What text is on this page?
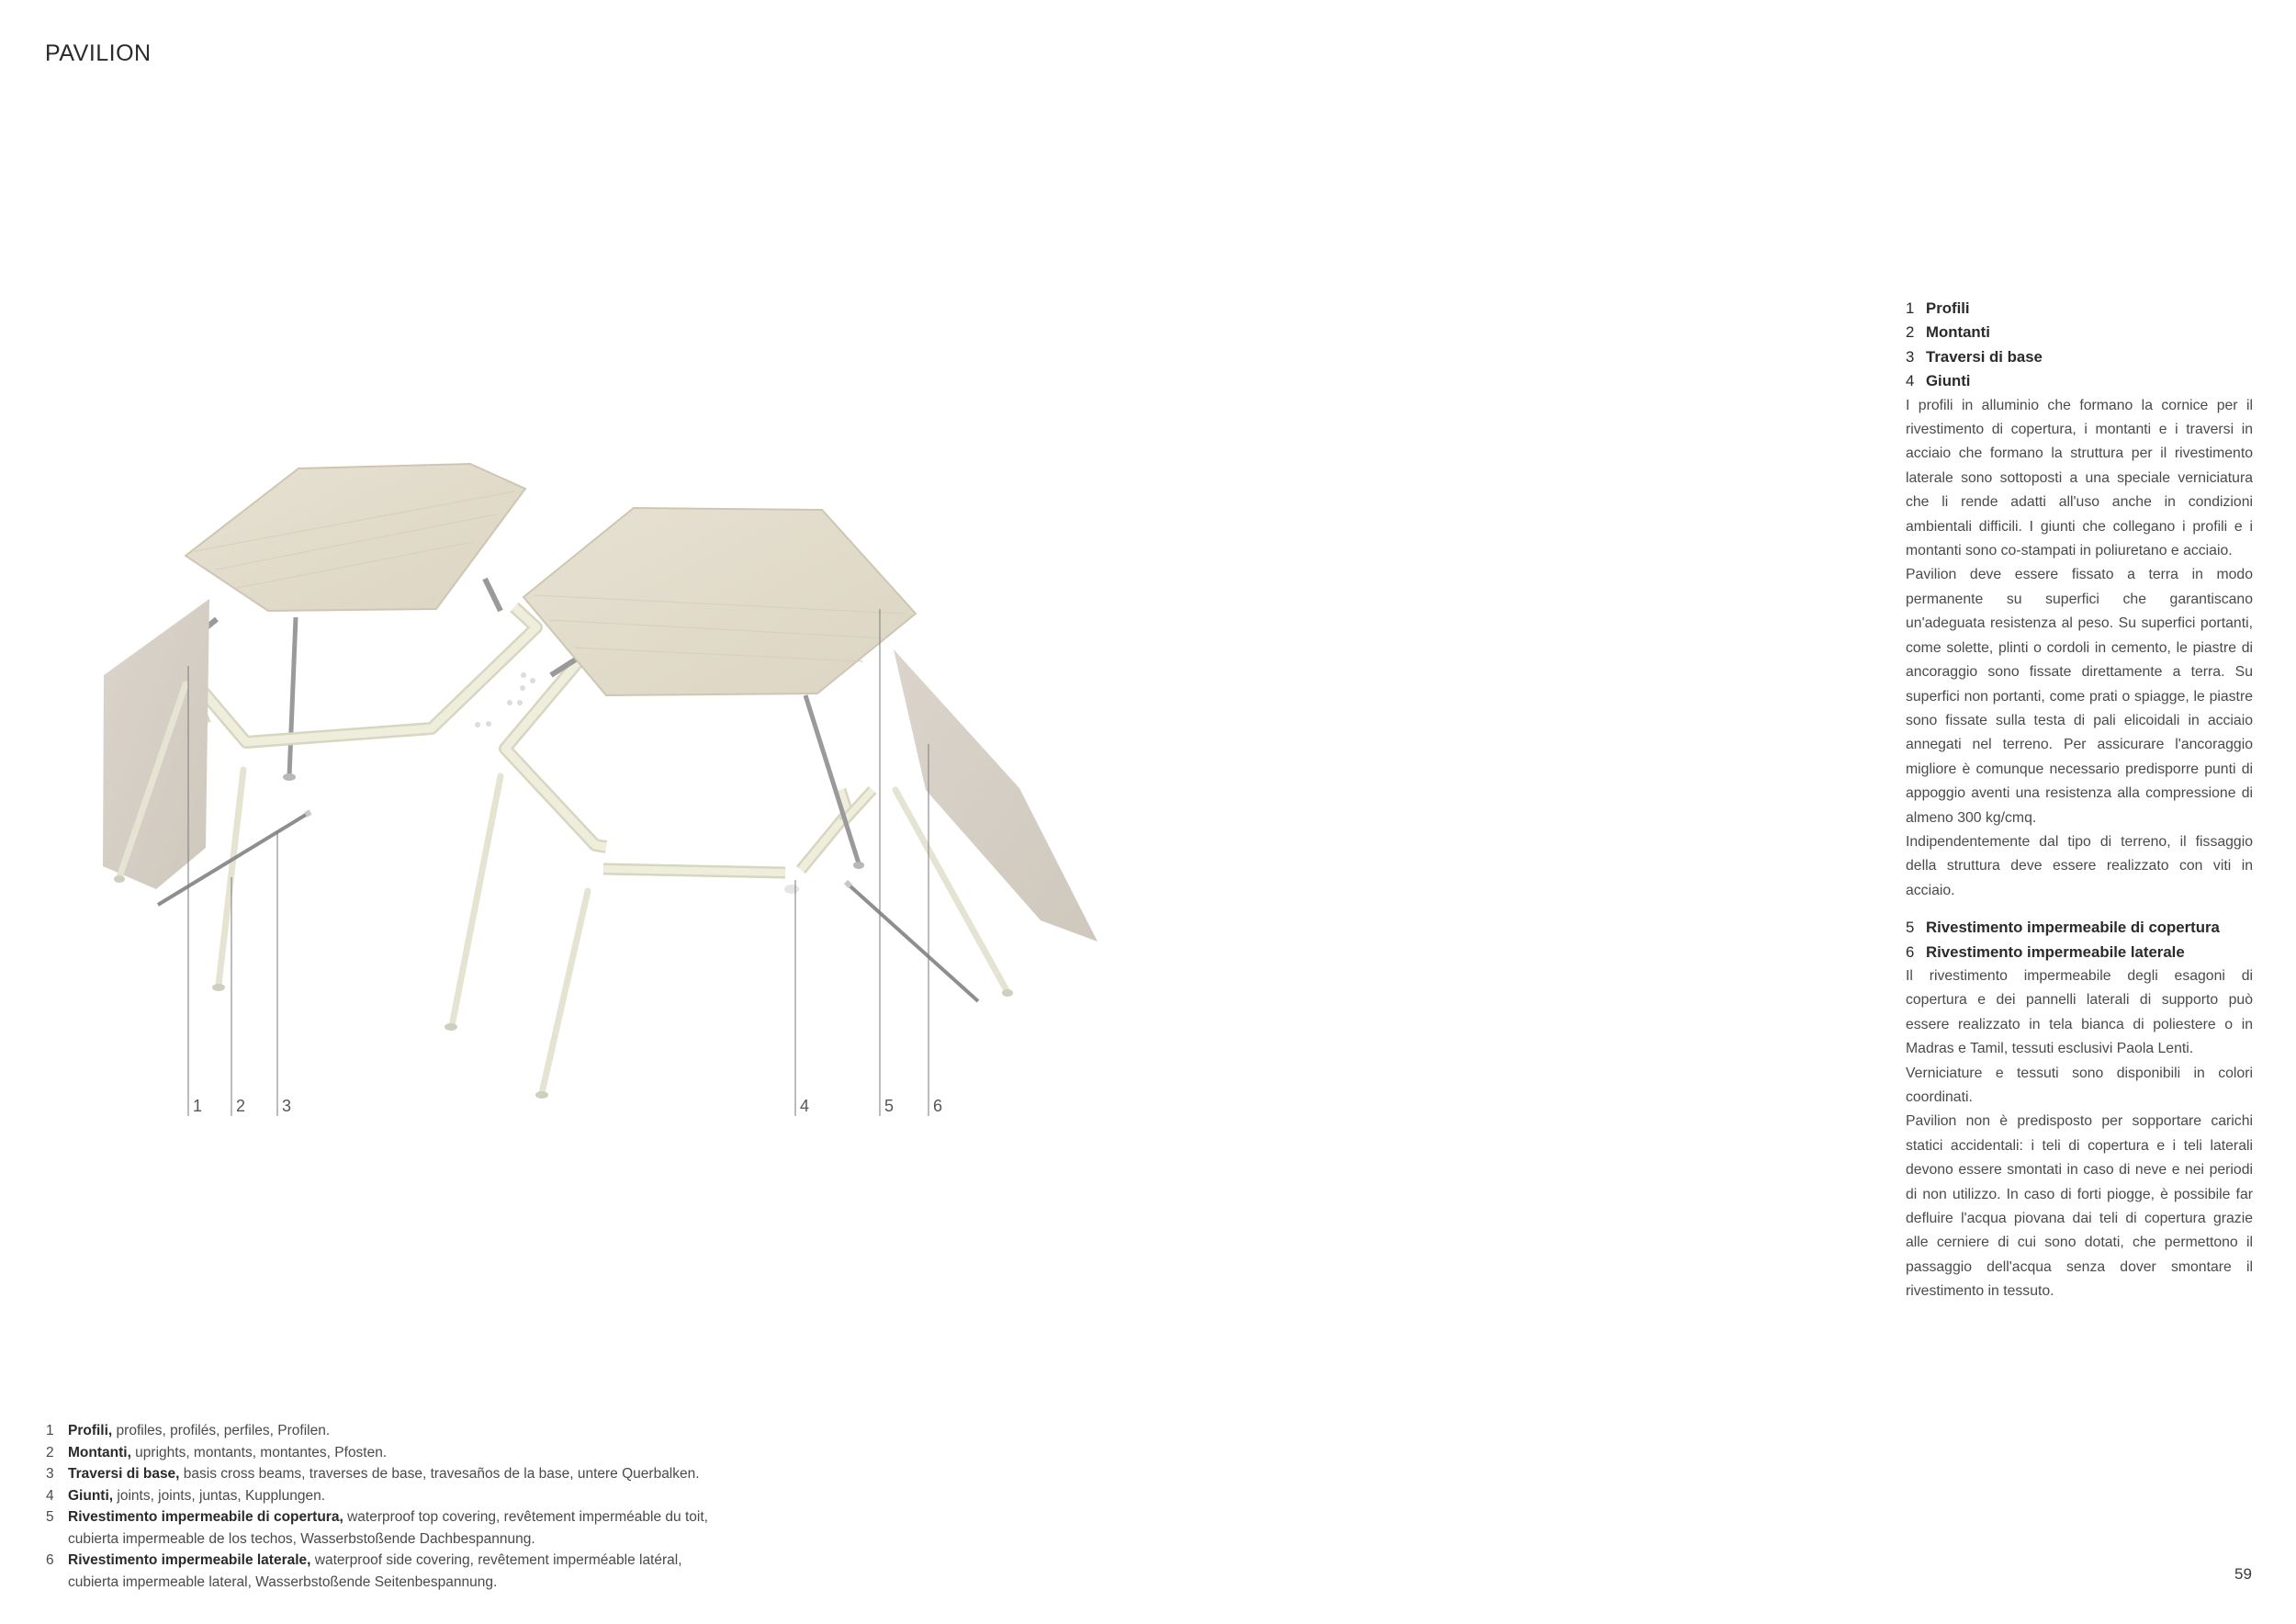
PAVILION
1 2 3	4	5 6
1 Profili
2 Montanti
3 Traversi di base
4 Giunti

I profili in alluminio che formano la cornice per il rivestimento di copertura, i montanti e i traversi in acciaio che formano la struttura per il rivestimento laterale sono sottoposti a una speciale verniciatura che li rende adatti all'uso anche in condizioni ambientali difficili. I giunti che collegano i profili e i montanti sono co-stampati in poliuretano e acciaio.

Pavilion deve essere fissato a terra in modo permanente su superfici che garantiscano un'adeguata resistenza al peso. Su superfici portanti, come solette, plinti o cordoli in cemento, le piastre di ancoraggio sono fissate direttamente a terra. Su superfici non portanti, come prati o spiagge, le piastre sono fissate sulla testa di pali elicoidali in acciaio annegati nel terreno. Per assicurare l'ancoraggio migliore è comunque necessario predisporre punti di appoggio aventi una resistenza alla compressione di almeno 300 kg/cmq.

Indipendentemente dal tipo di terreno, il fissaggio della struttura deve essere realizzato con viti in acciaio.

5 Rivestimento impermeabile di copertura
6 Rivestimento impermeabile laterale

Il rivestimento impermeabile degli esagoni di copertura e dei pannelli laterali di supporto può essere realizzato in tela bianca di poliestere o in Madras e Tamil, tessuti esclusivi Paola Lenti.

Verniciature e tessuti sono disponibili in colori coordinati.

Pavilion non è predisposto per sopportare carichi statici accidentali: i teli di copertura e i teli laterali devono essere smontati in caso di neve e nei periodi di non utilizzo. In caso di forti piogge, è possibile far defluire l'acqua piovana dai teli di copertura grazie alle cerniere di cui sono dotati, che permettono il passaggio dell'acqua senza dover smontare il rivestimento in tessuto.

1 Profili, profiles, profilés, perfiles, Profilen.
2 Montanti, uprights, montants, montantes, Pfosten.
3 Traversi di base, basis cross beams, traverses de base, travesaños de la base, untere Querbalken.
4 Giunti, joints, joints, juntas, Kupplungen.
5 Rivestimento impermeabile di copertura, waterproof top covering, revêtement imperméable du toit,
cubierta impermeable de los techos, Wasserbstoßende Dachbespannung.
6 Rivestimento impermeabile laterale, waterproof side covering, revêtement imperméable latéral,
cubierta impermeable lateral, Wasserbstoßende Seitenbespannung.	59
